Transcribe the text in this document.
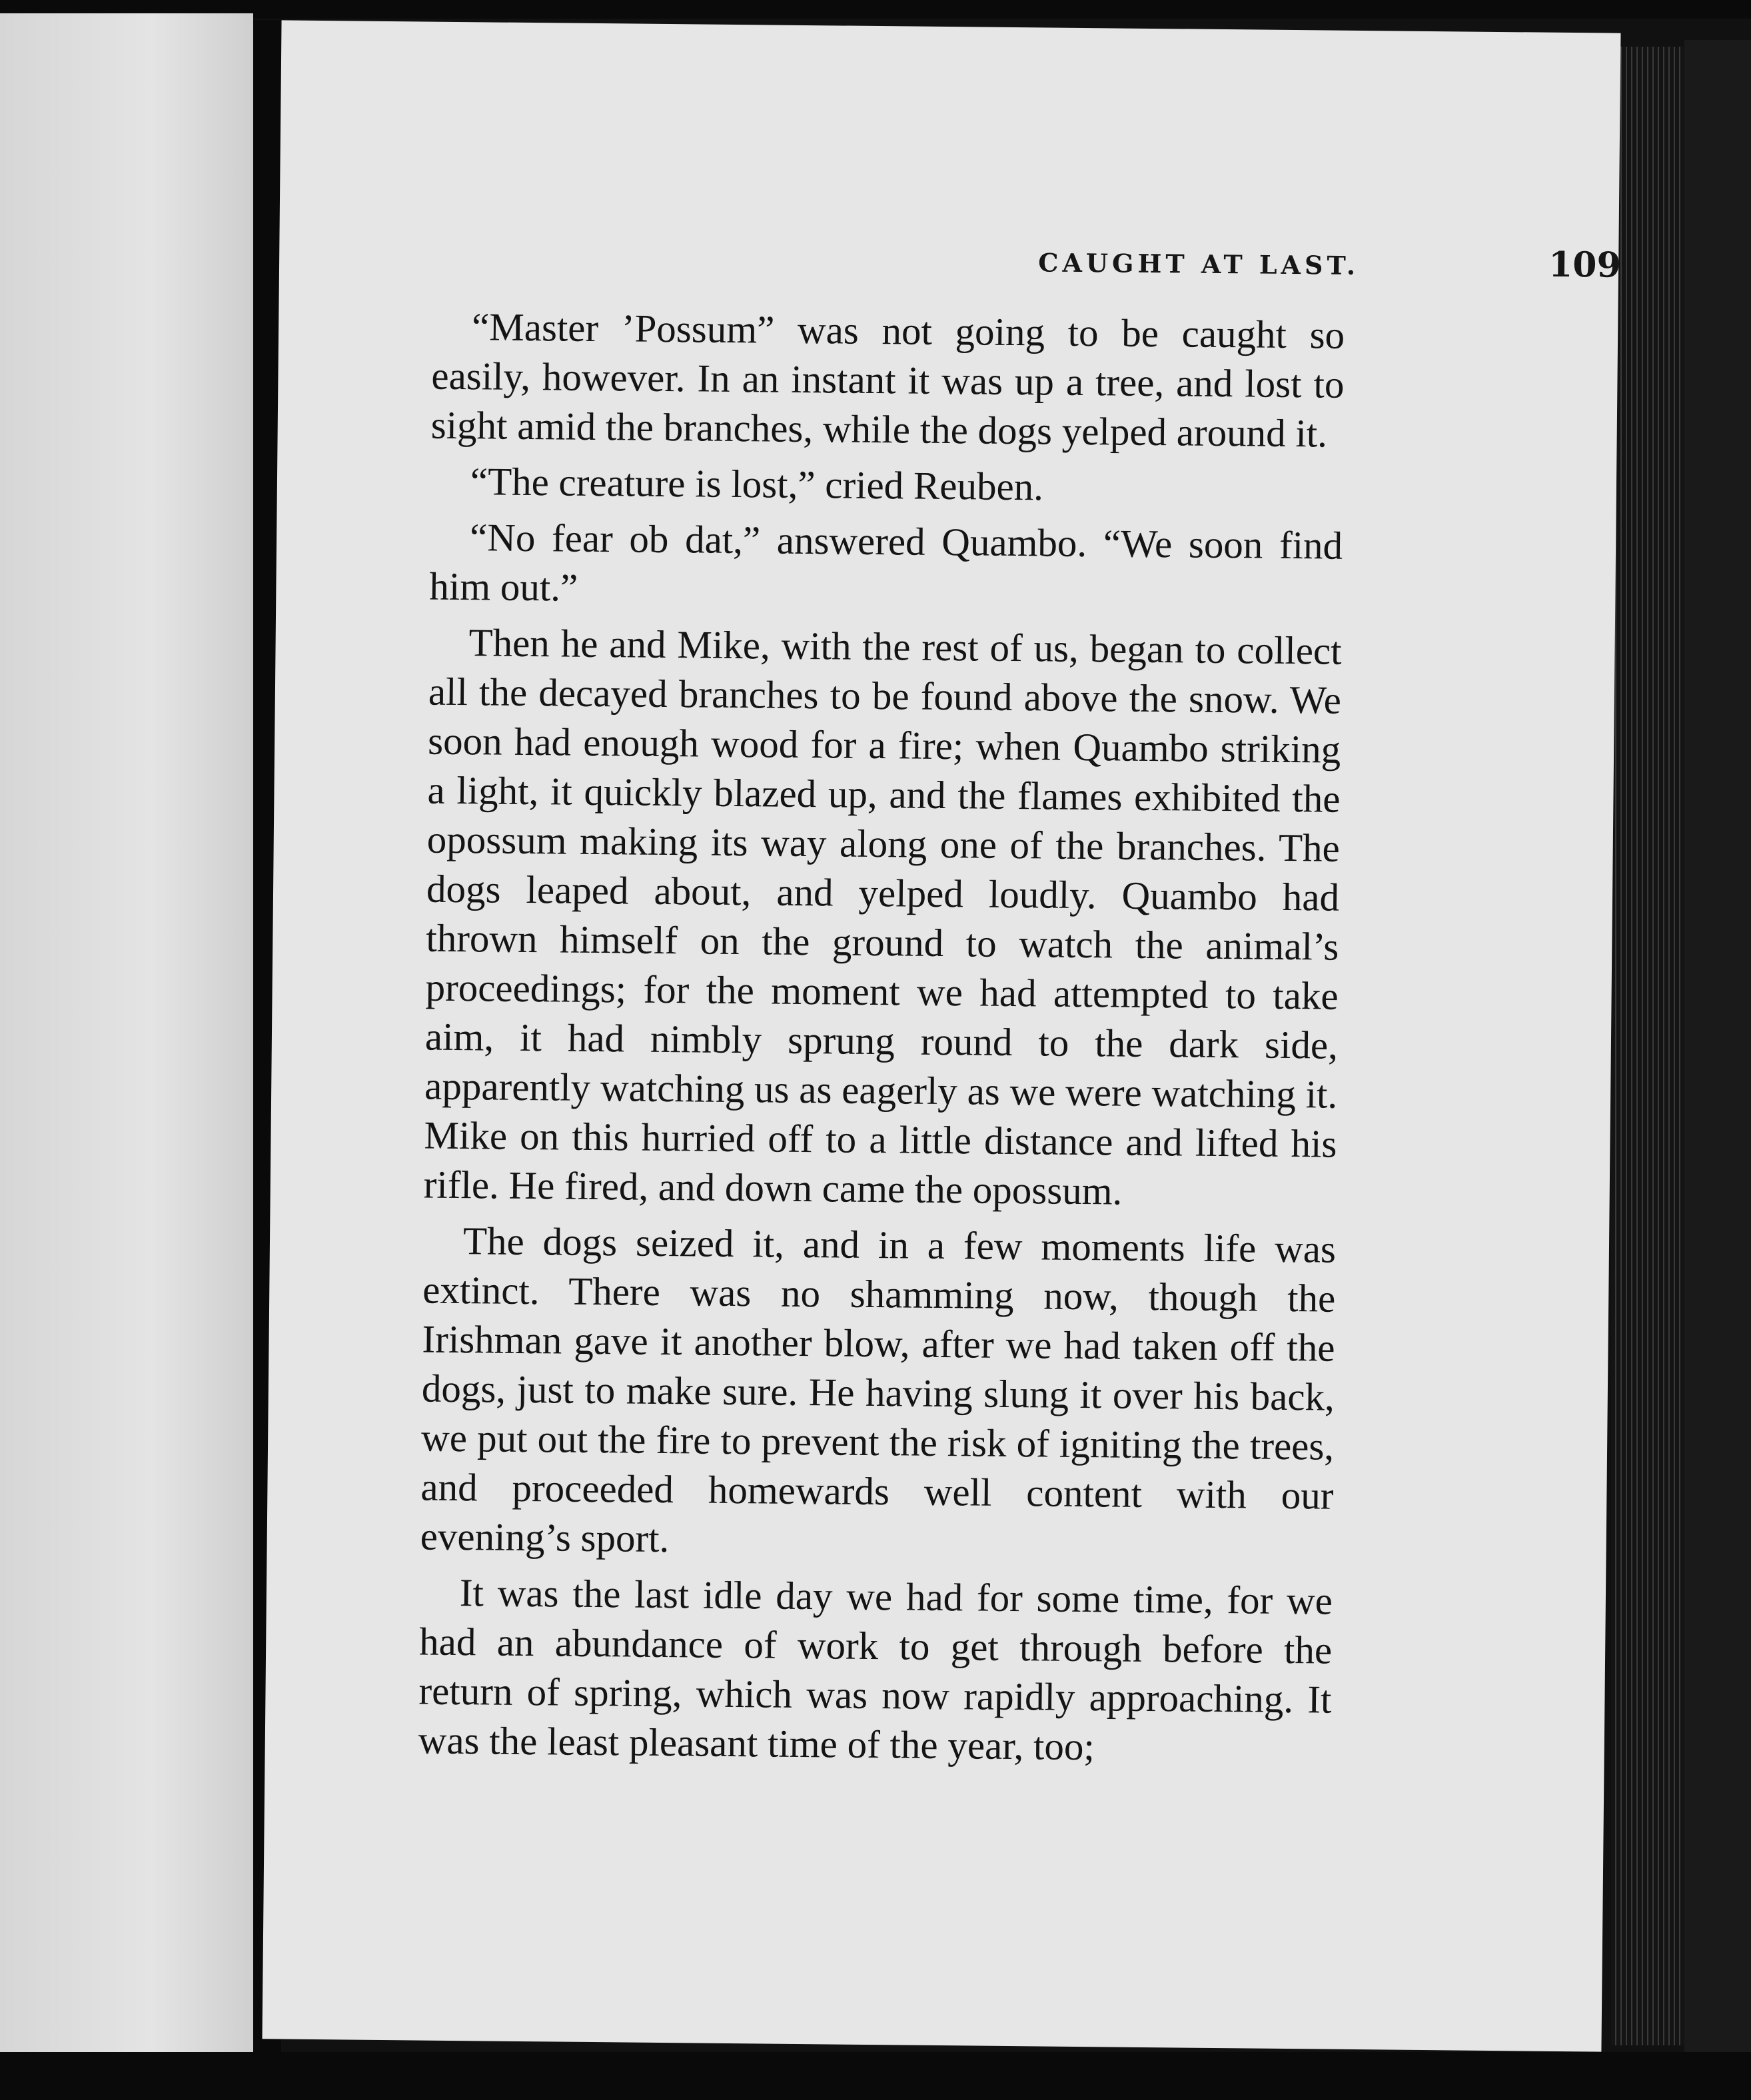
CAUGHT AT LAST.	109

“Master ’Possum” was not going to be caught so easily, however. In an instant it was up a tree, and lost to sight amid the branches, while the dogs yelped around it.

“The creature is lost,” cried Reuben.

“No fear ob dat,” answered Quambo. “We soon find him out.”

Then he and Mike, with the rest of us, began to collect all the decayed branches to be found above the snow. We soon had enough wood for a fire; when Quambo striking a light, it quickly blazed up, and the flames exhibited the opossum making its way along one of the branches. The dogs leaped about, and yelped loudly. Quambo had thrown himself on the ground to watch the animal’s proceedings; for the moment we had attempted to take aim, it had nimbly sprung round to the dark side, apparently watching us as eagerly as we were watching it. Mike on this hurried off to a little distance and lifted his rifle. He fired, and down came the opossum.

The dogs seized it, and in a few moments life was extinct. There was no shamming now, though the Irishman gave it another blow, after we had taken off the dogs, just to make sure. He having slung it over his back, we put out the fire to prevent the risk of igniting the trees, and proceeded homewards well content with our evening’s sport.

It was the last idle day we had for some time, for we had an abundance of work to get through before the return of spring, which was now rapidly approaching. It was the least pleasant time of the year, too;
